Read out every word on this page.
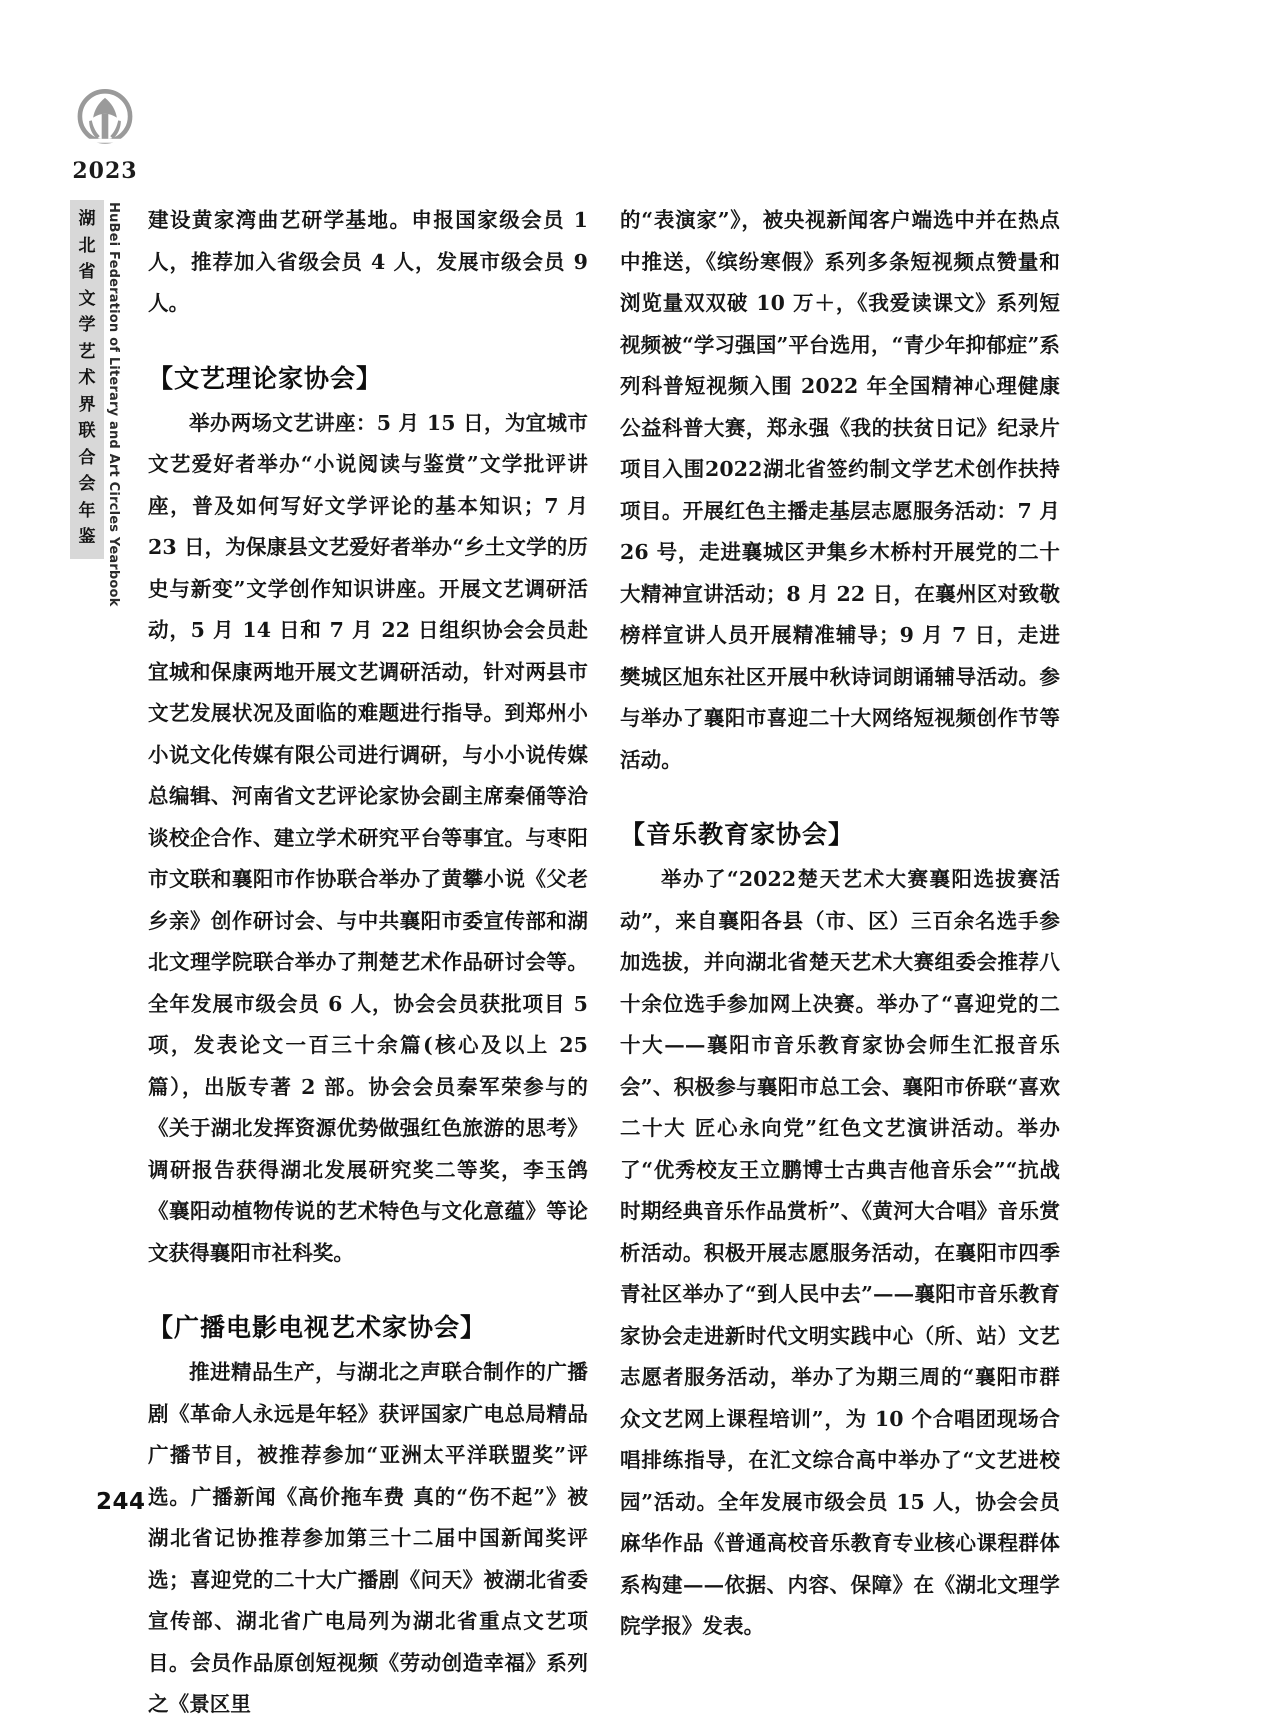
2023
湖北省文学艺术界联合会年鉴 HuBei Federation of Literary and Art Circles Yearbook 建设黄家湾曲艺研学基地。申报国家级会员 1 人，推荐加入省级会员 4 人，发展市级会员 9 人。

【文艺理论家协会】

举办两场文艺讲座：5 月 15 日，为宜城市文艺爱好者举办“小说阅读与鉴赏”文学批评讲座，普及如何写好文学评论的基本知识；7 月 23 日，为保康县文艺爱好者举办“乡土文学的历史与新变”文学创作知识讲座。开展文艺调研活动，5 月 14 日和 7 月 22 日组织协会会员赴宜城和保康两地开展文艺调研活动，针对两县市文艺发展状况及面临的难题进行指导。到郑州小小说文化传媒有限公司进行调研，与小小说传媒总编辑、河南省文艺评论家协会副主席秦俑等洽谈校企合作、建立学术研究平台等事宜。与枣阳市文联和襄阳市作协联合举办了黄攀小说《父老乡亲》创作研讨会、与中共襄阳市委宣传部和湖北文理学院联合举办了荆楚艺术作品研讨会等。全年发展市级会员 6 人，协会会员获批项目 5 项，发表论文一百三十余篇(核心及以上 25 篇），出版专著 2 部。协会会员秦军荣参与的《关于湖北发挥资源优势做强红色旅游的思考》调研报告获得湖北发展研究奖二等奖，李玉鸽《襄阳动植物传说的艺术特色与文化意蕴》等论文获得襄阳市社科奖。

【广播电影电视艺术家协会】

推进精品生产，与湖北之声联合制作的广播剧《革命人永远是年轻》获评国家广电总局精品广播节目，被推荐参加“亚洲太平洋联盟奖”评选。广播新闻《高价拖车费 真的“伤不起”》被湖北省记协推荐参加第三十二届中国新闻奖评选；喜迎党的二十大广播剧《问天》被湖北省委宣传部、湖北省广电局列为湖北省重点文艺项目。会员作品原创短视频《劳动创造幸福》系列之《景区里

的“表演家”》，被央视新闻客户端选中并在热点中推送，《缤纷寒假》系列多条短视频点赞量和浏览量双双破 10 万＋，《我爱读课文》系列短视频被“学习强国”平台选用，“青少年抑郁症”系列科普短视频入围 2022 年全国精神心理健康公益科普大赛，郑永强《我的扶贫日记》纪录片项目入围2022湖北省签约制文学艺术创作扶持项目。开展红色主播走基层志愿服务活动：7 月 26 号，走进襄城区尹集乡木桥村开展党的二十大精神宣讲活动；8 月 22 日，在襄州区对致敬榜样宣讲人员开展精准辅导；9 月 7 日，走进樊城区旭东社区开展中秋诗词朗诵辅导活动。参与举办了襄阳市喜迎二十大网络短视频创作节等活动。

【音乐教育家协会】

举办了“2022楚天艺术大赛襄阳选拔赛活动”，来自襄阳各县（市、区）三百余名选手参加选拔，并向湖北省楚天艺术大赛组委会推荐八十余位选手参加网上决赛。举办了“喜迎党的二十大——襄阳市音乐教育家协会师生汇报音乐会”、积极参与襄阳市总工会、襄阳市侨联“喜欢二十大 匠心永向党”红色文艺演讲活动。举办了“优秀校友王立鹏博士古典吉他音乐会”“抗战时期经典音乐作品赏析”、《黄河大合唱》音乐赏析活动。积极开展志愿服务活动，在襄阳市四季青社区举办了“到人民中去”——襄阳市音乐教育家协会走进新时代文明实践中心（所、站）文艺志愿者服务活动，举办了为期三周的“襄阳市群众文艺网上课程培训”，为 10 个合唱团现场合唱排练指导，在汇文综合高中举办了“文艺进校园”活动。全年发展市级会员 15 人，协会会员麻华作品《普通高校音乐教育专业核心课程群体系构建——依据、内容、保障》在《湖北文理学院学报》发表。

244
